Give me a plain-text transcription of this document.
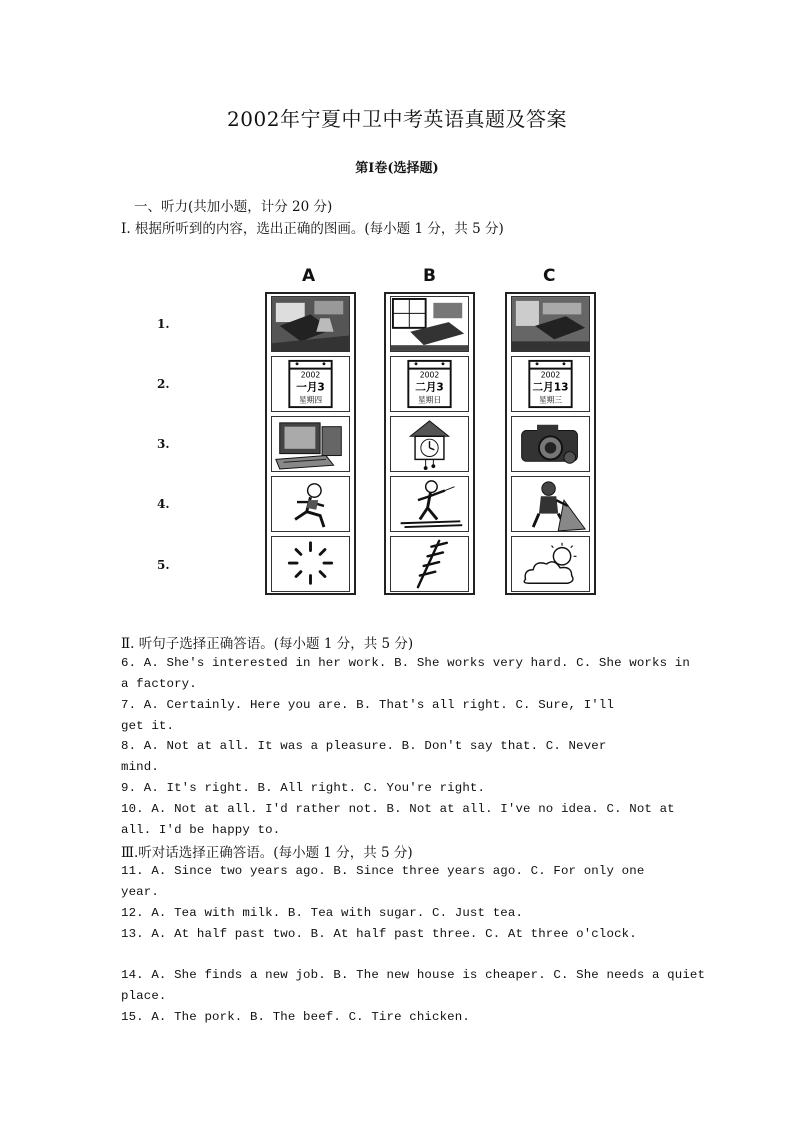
2002年宁夏中卫中考英语真题及答案
第I卷(选择题)
一、听力(共加小题，计分 20 分)
I. 根据所听到的内容，选出正确的图画。(每小题 1 分，共 5 分)
A	B	C
1.
2.
3.
4.
5.
2002
一月3
星期四
2002
二月3
星期日
2002
二月13
星期三
Ⅱ. 听句子选择正确答语。(每小题 1 分，共 5 分)
6. A. She's interested in her work. B. She works very hard. C. She works in
a factory.
7. A. Certainly. Here you are. B. That's all right. C. Sure, I'll
get it.
8. A. Not at all. It was a pleasure. B. Don't say that. C. Never
mind.
9. A. It's right. B. All right. C. You're right.
10. A. Not at all. I'd rather not. B. Not at all. I've no idea. C. Not at
all. I'd be happy to.
Ⅲ.听对话选择正确答语。(每小题 1 分，共 5 分)
11. A. Since two years ago. B. Since three years ago. C. For only one
year.
12. A. Tea with milk. B. Tea with sugar. C. Just tea.
13. A. At half past two. B. At half past three. C. At three o'clock.
14. A. She finds a new job. B. The new house is cheaper. C. She needs a quiet
place.
15. A. The pork. B. The beef. C. Tire chicken.
